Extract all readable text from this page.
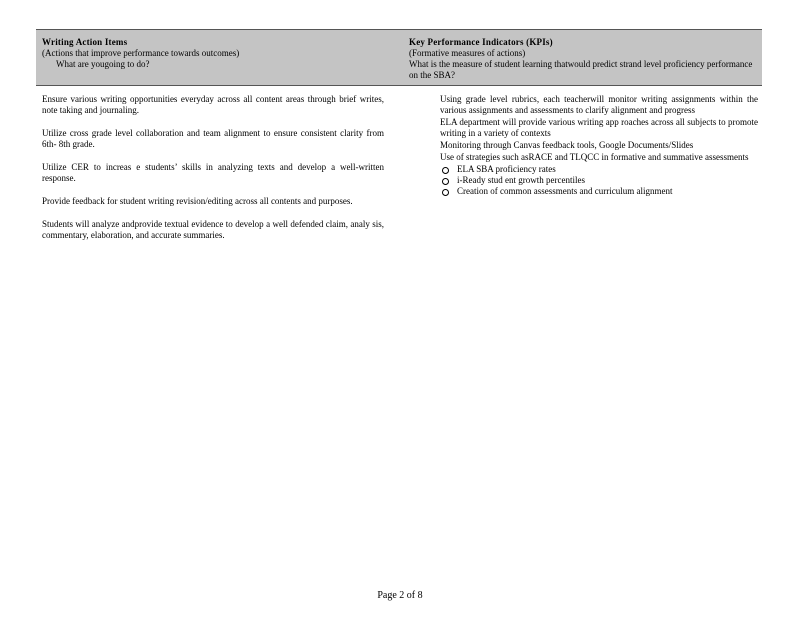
Writing Action Items
(Actions that improve performance towards outcomes)
What are yougoing to do?
Key Performance Indicators (KPIs)
(Formative measures of actions)
What is the measure of student learning thatwould predict strand level proficiency performance on the SBA?

Ensure various writing opportunities everyday across all content areas through brief writes, note taking and journaling.

Utilize cross grade level collaboration and team alignment to ensure consistent clarity from 6th- 8th grade.

Utilize CER to increas e students’ skills in analyzing texts and develop a well-written response.

Provide feedback for student writing revision/editing across all contents and purposes.

Students will analyze andprovide textual evidence to develop a well defended claim, analy sis, commentary, elaboration, and accurate summaries.

Using grade level rubrics, each teacherwill monitor writing assignments within the various assignments and assessments to clarify alignment and progress
ELA department will provide various writing app roaches across all subjects to promote writing in a variety of contexts
Monitoring through Canvas feedback tools, Google Documents/Slides
Use of strategies such asRACE and TLQCC in formative and summative assessments
ELA SBA proficiency rates
i-Ready stud ent growth percentiles
Creation of common assessments and curriculum alignment
Page 2 of 8
